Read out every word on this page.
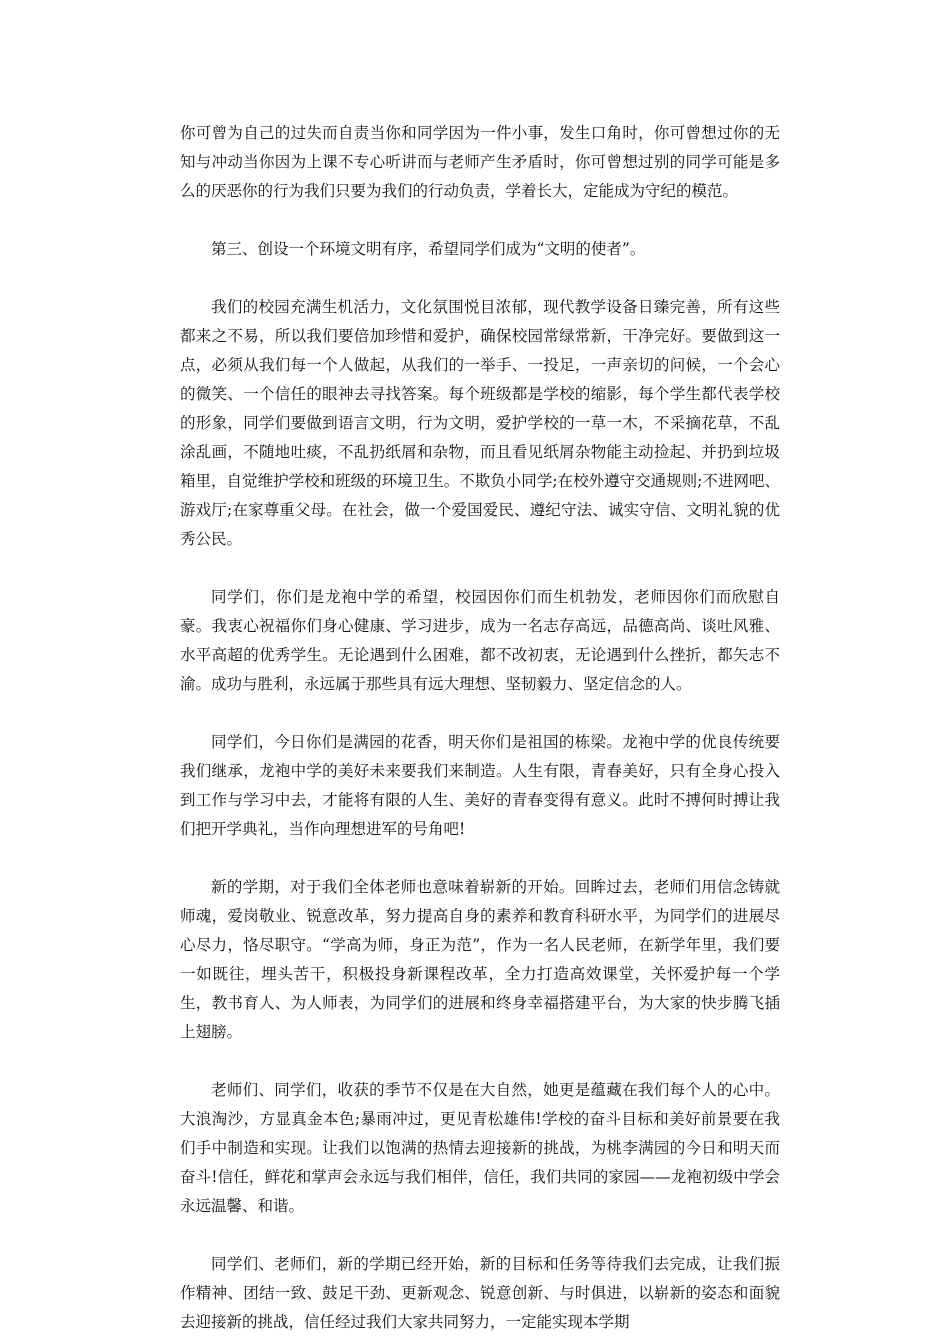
你可曾为自己的过失而自责当你和同学因为一件小事，发生口角时，你可曾想过你的无知与冲动当你因为上课不专心听讲而与老师产生矛盾时，你可曾想过别的同学可能是多么的厌恶你的行为我们只要为我们的行动负责，学着长大，定能成为守纪的模范。

第三、创设一个环境文明有序，希望同学们成为“文明的使者”。

我们的校园充满生机活力，文化氛围悦目浓郁，现代教学设备日臻完善，所有这些都来之不易，所以我们要倍加珍惜和爱护，确保校园常绿常新，干净完好。要做到这一点，必须从我们每一个人做起，从我们的一举手、一投足，一声亲切的问候，一个会心的微笑、一个信任的眼神去寻找答案。每个班级都是学校的缩影，每个学生都代表学校的形象，同学们要做到语言文明，行为文明，爱护学校的一草一木，不采摘花草，不乱涂乱画，不随地吐痰，不乱扔纸屑和杂物，而且看见纸屑杂物能主动捡起、并扔到垃圾箱里，自觉维护学校和班级的环境卫生。不欺负小同学;在校外遵守交通规则;不进网吧、游戏厅;在家尊重父母。在社会，做一个爱国爱民、遵纪守法、诚实守信、文明礼貌的优秀公民。

同学们，你们是龙袍中学的希望，校园因你们而生机勃发，老师因你们而欣慰自豪。我衷心祝福你们身心健康、学习进步，成为一名志存高远，品德高尚、谈吐风雅、水平高超的优秀学生。无论遇到什么困难，都不改初衷，无论遇到什么挫折，都矢志不渝。成功与胜利，永远属于那些具有远大理想、坚韧毅力、坚定信念的人。

同学们，今日你们是满园的花香，明天你们是祖国的栋梁。龙袍中学的优良传统要我们继承，龙袍中学的美好未来要我们来制造。人生有限，青春美好，只有全身心投入到工作与学习中去，才能将有限的人生、美好的青春变得有意义。此时不搏何时搏让我们把开学典礼，当作向理想进军的号角吧!

新的学期，对于我们全体老师也意味着崭新的开始。回眸过去，老师们用信念铸就师魂，爱岗敬业、锐意改革，努力提高自身的素养和教育科研水平，为同学们的进展尽心尽力，恪尽职守。“学高为师，身正为范”，作为一名人民老师，在新学年里，我们要一如既往，埋头苦干，积极投身新课程改革，全力打造高效课堂，关怀爱护每一个学生，教书育人、为人师表，为同学们的进展和终身幸福搭建平台，为大家的快步腾飞插上翅膀。

老师们、同学们，收获的季节不仅是在大自然，她更是蕴藏在我们每个人的心中。大浪淘沙，方显真金本色;暴雨冲过，更见青松雄伟!学校的奋斗目标和美好前景要在我们手中制造和实现。让我们以饱满的热情去迎接新的挑战，为桃李满园的今日和明天而奋斗!信任，鲜花和掌声会永远与我们相伴，信任，我们共同的家园——龙袍初级中学会永远温馨、和谐。

同学们、老师们，新的学期已经开始，新的目标和任务等待我们去完成，让我们振作精神、团结一致、鼓足干劲、更新观念、锐意创新、与时俱进，以崭新的姿态和面貌去迎接新的挑战，信任经过我们大家共同努力，一定能实现本学期
